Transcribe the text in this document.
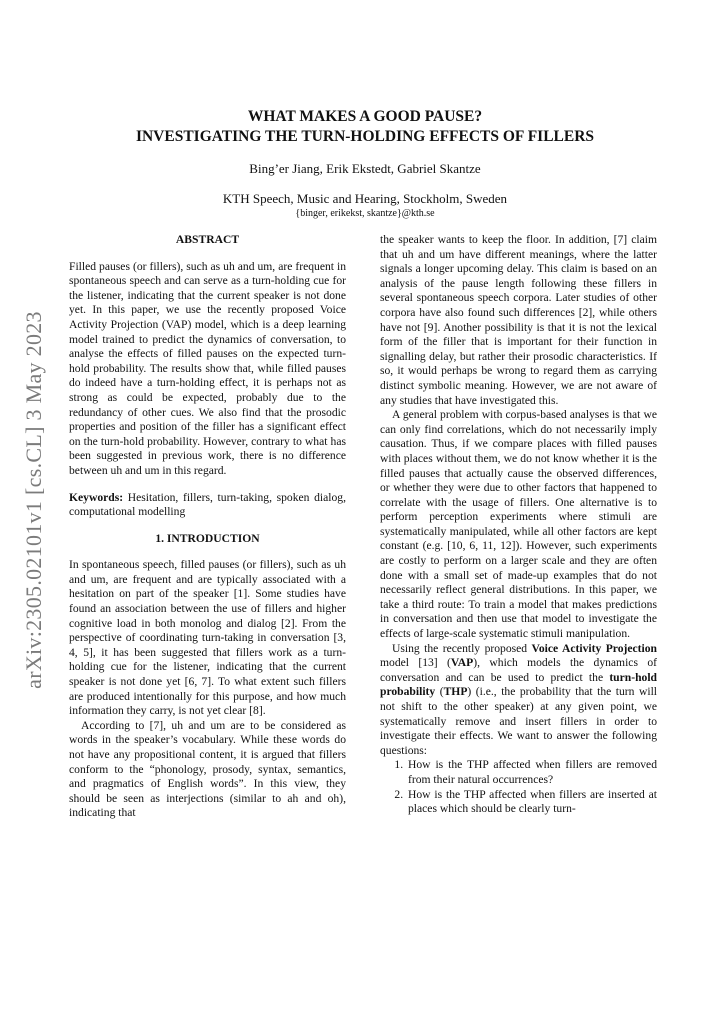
arXiv:2305.02101v1 [cs.CL] 3 May 2023
WHAT MAKES A GOOD PAUSE?
INVESTIGATING THE TURN-HOLDING EFFECTS OF FILLERS
Bing’er Jiang, Erik Ekstedt, Gabriel Skantze
KTH Speech, Music and Hearing, Stockholm, Sweden
{binger, erikekst, skantze}@kth.se
ABSTRACT

Filled pauses (or fillers), such as uh and um, are frequent in spontaneous speech and can serve as a turn-holding cue for the listener, indicating that the current speaker is not done yet. In this paper, we use the recently proposed Voice Activity Projection (VAP) model, which is a deep learning model trained to predict the dynamics of conversation, to analyse the effects of filled pauses on the expected turn-hold probability. The results show that, while filled pauses do indeed have a turn-holding effect, it is perhaps not as strong as could be expected, probably due to the redundancy of other cues. We also find that the prosodic properties and position of the filler has a significant effect on the turn-hold probability. However, contrary to what has been suggested in previous work, there is no difference between uh and um in this regard.

Keywords: Hesitation, fillers, turn-taking, spoken dialog, computational modelling

1. INTRODUCTION

In spontaneous speech, filled pauses (or fillers), such as uh and um, are frequent and are typically associated with a hesitation on part of the speaker [1]. Some studies have found an association between the use of fillers and higher cognitive load in both monolog and dialog [2]. From the perspective of coordinating turn-taking in conversation [3, 4, 5], it has been suggested that fillers work as a turn-holding cue for the listener, indicating that the current speaker is not done yet [6, 7]. To what extent such fillers are produced intentionally for this purpose, and how much information they carry, is not yet clear [8].

According to [7], uh and um are to be considered as words in the speaker’s vocabulary. While these words do not have any propositional content, it is argued that fillers conform to the “phonology, prosody, syntax, semantics, and pragmatics of English words”. In this view, they should be seen as interjections (similar to ah and oh), indicating that

the speaker wants to keep the floor. In addition, [7] claim that uh and um have different meanings, where the latter signals a longer upcoming delay. This claim is based on an analysis of the pause length following these fillers in several spontaneous speech corpora. Later studies of other corpora have also found such differences [2], while others have not [9]. Another possibility is that it is not the lexical form of the filler that is important for their function in signalling delay, but rather their prosodic characteristics. If so, it would perhaps be wrong to regard them as carrying distinct symbolic meaning. However, we are not aware of any studies that have investigated this.

A general problem with corpus-based analyses is that we can only find correlations, which do not necessarily imply causation. Thus, if we compare places with filled pauses with places without them, we do not know whether it is the filled pauses that actually cause the observed differences, or whether they were due to other factors that happened to correlate with the usage of fillers. One alternative is to perform perception experiments where stimuli are systematically manipulated, while all other factors are kept constant (e.g. [10, 6, 11, 12]). However, such experiments are costly to perform on a larger scale and they are often done with a small set of made-up examples that do not necessarily reflect general distributions. In this paper, we take a third route: To train a model that makes predictions in conversation and then use that model to investigate the effects of large-scale systematic stimuli manipulation.

Using the recently proposed Voice Activity Projection model [13] (VAP), which models the dynamics of conversation and can be used to predict the turn-hold probability (THP) (i.e., the probability that the turn will not shift to the other speaker) at any given point, we systematically remove and insert fillers in order to investigate their effects. We want to answer the following questions:

1. How is the THP affected when fillers are removed from their natural occurrences?
2. How is the THP affected when fillers are inserted at places which should be clearly turn-
